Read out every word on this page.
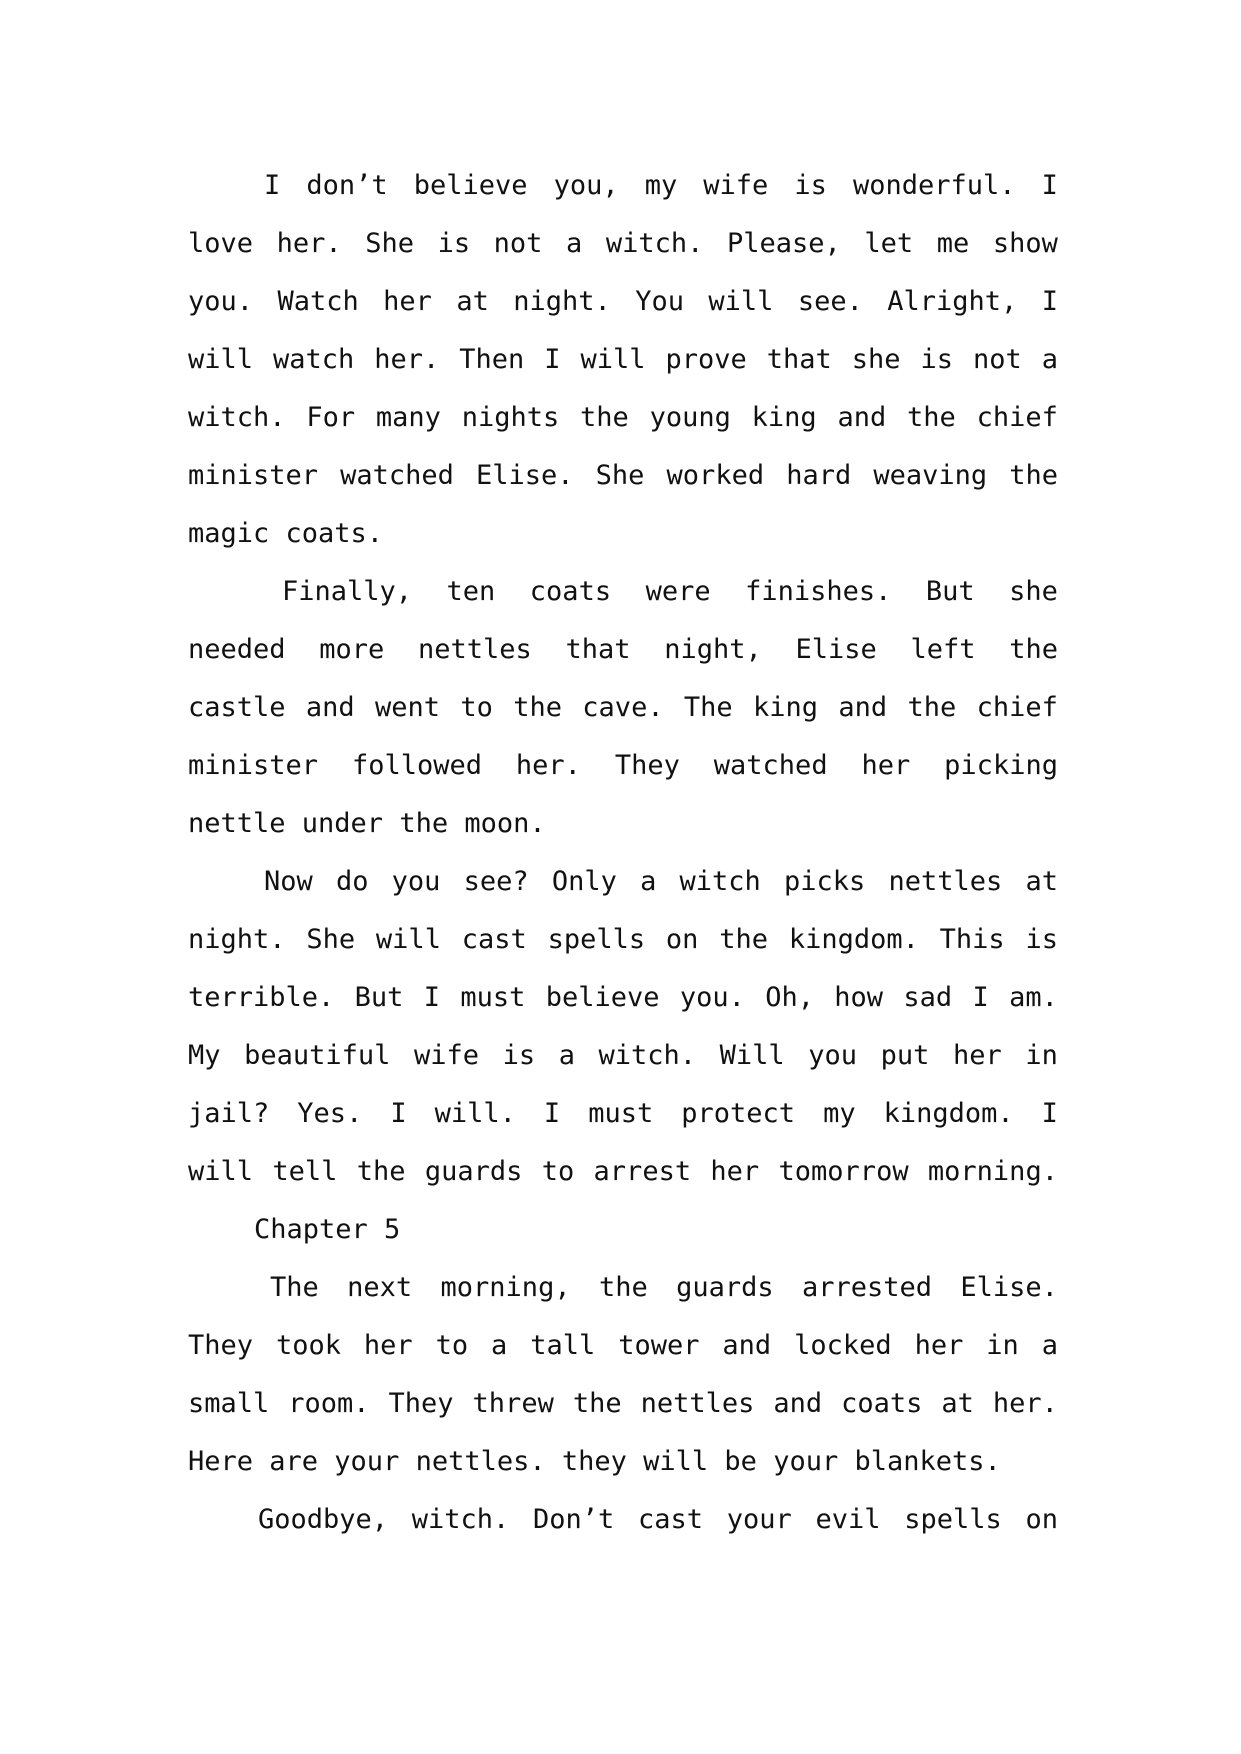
I don’t believe you, my wife is wonderful. I
love her. She is not a witch. Please, let me show
you. Watch her at night. You will see. Alright, I
will watch her. Then I will prove that she is not a
witch. For many nights the young king and the chief
minister watched Elise. She worked hard weaving the
magic coats.
Finally, ten coats were finishes. But she
needed more nettles that night, Elise left the
castle and went to the cave. The king and the chief
minister followed her. They watched her picking
nettle under the moon.
Now do you see? Only a witch picks nettles at
night. She will cast spells on the kingdom. This is
terrible. But I must believe you. Oh, how sad I am.
My beautiful wife is a witch. Will you put her in
jail? Yes. I will. I must protect my kingdom. I
will tell the guards to arrest her tomorrow morning.
Chapter 5
The next morning, the guards arrested Elise.
They took her to a tall tower and locked her in a
small room. They threw the nettles and coats at her.
Here are your nettles. they will be your blankets.
Goodbye, witch. Don’t cast your evil spells on
